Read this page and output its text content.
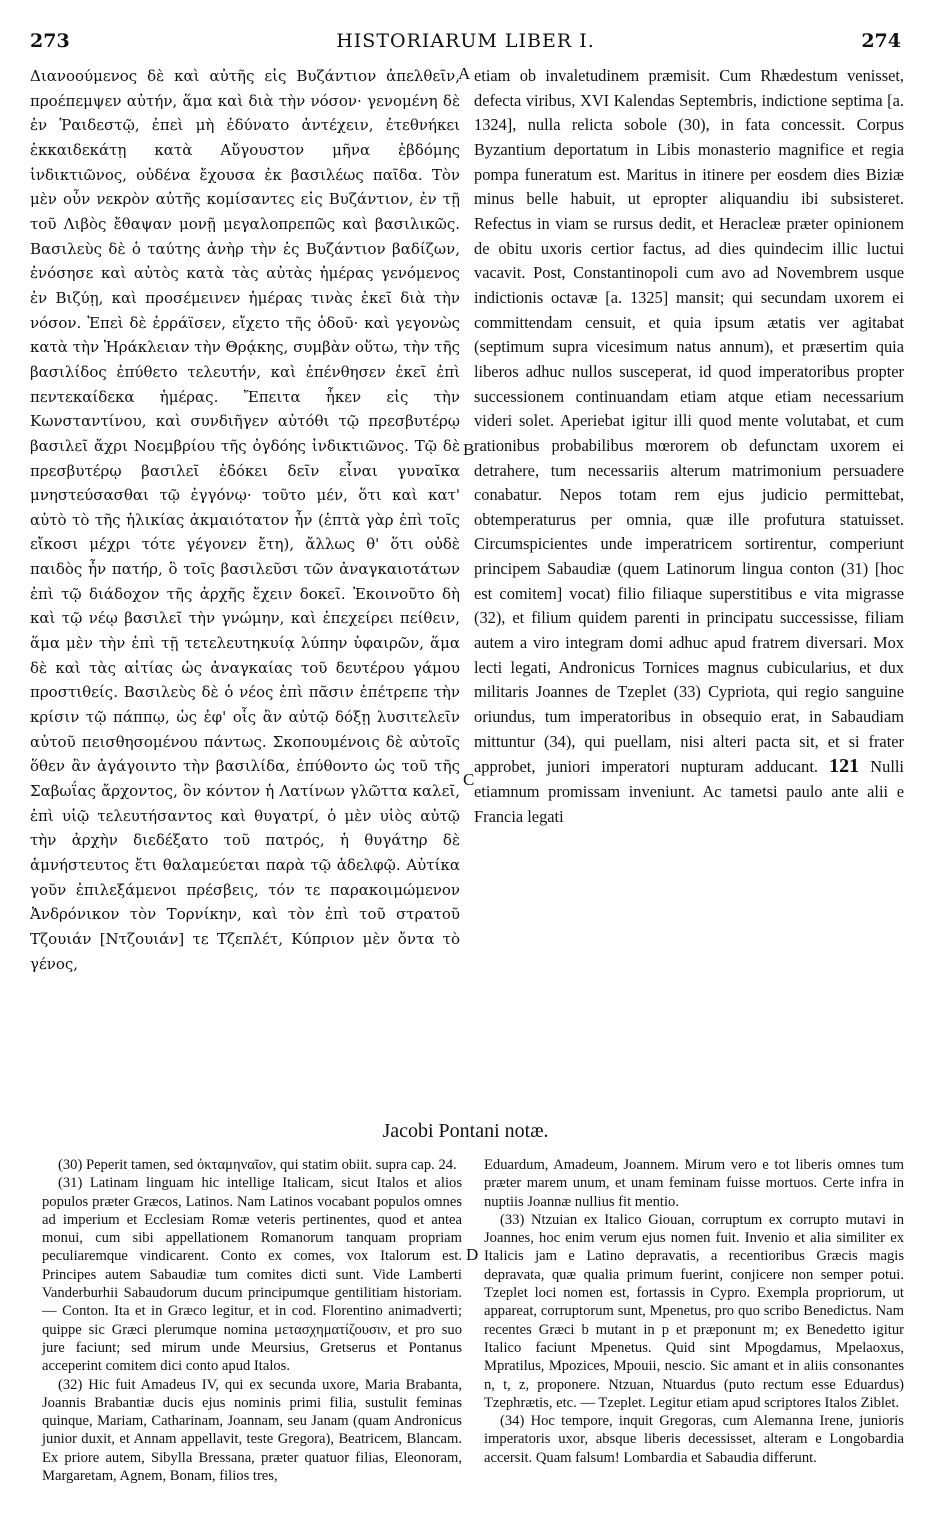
273	HISTORIARUM LIBER I.	274
Διανοούμενος δὲ καὶ αὐτῆς εἰς Βυζάντιον ἀπελθεῖν, προέπεμψεν αὐτήν, ἅμα καὶ διὰ τὴν νόσον· γενομένη δὲ ἐν Ῥαιδεστῷ, ἐπεὶ μὴ ἐδύνατο ἀντέχειν, ἐτεθνήκει ἑκκαιδεκάτῃ κατὰ Αὔγουστον μῆνα ἑβδόμης ἰνδικτιῶνος, οὐδένα ἔχουσα ἐκ βασιλέως παῖδα. Τὸν μὲν οὖν νεκρὸν αὐτῆς κομίσαντες εἰς Βυζάντιον, ἐν τῇ τοῦ Λιβὸς ἔθαψαν μονῇ μεγαλοπρεπῶς καὶ βασιλικῶς. Βασιλεὺς δὲ ὁ ταύτης ἀνὴρ τὴν ἐς Βυζάντιον βαδίζων, ἐνόσησε καὶ αὐτὸς κατὰ τὰς αὐτὰς ἡμέρας γενόμενος ἐν Βιζύῃ, καὶ προσέμεινεν ἡμέρας τινὰς ἐκεῖ διὰ τὴν νόσον. Ἐπεὶ δὲ ἐρράϊσεν, εἴχετο τῆς ὁδοῦ· καὶ γεγονὼς κατὰ τὴν Ἡράκλειαν τὴν Θρᾴκης, συμβὰν οὕτω, τὴν τῆς βασιλίδος ἐπύθετο τελευτήν, καὶ ἐπένθησεν ἐκεῖ ἐπὶ πεντεκαίδεκα ἡμέρας. Ἔπειτα ἧκεν εἰς τὴν Κωνσταντίνου, καὶ συνδιῆγεν αὐτόθι τῷ πρεσβυτέρῳ βασιλεῖ ἄχρι Νοεμβρίου τῆς ὀγδόης ἰνδικτιῶνος. Τῷ δὲ πρεσβυτέρῳ βασιλεῖ ἐδόκει δεῖν εἶναι γυναῖκα μνηστεύσασθαι τῷ ἐγγόνῳ· τοῦτο μέν, ὅτι καὶ κατ' αὐτὸ τὸ τῆς ἡλικίας ἀκμαιότατον ἦν (ἑπτὰ γὰρ ἐπὶ τοῖς εἴκοσι μέχρι τότε γέγονεν ἔτη), ἄλλως θ' ὅτι οὐδὲ παιδὸς ἦν πατήρ, ὃ τοῖς βασιλεῦσι τῶν ἀναγκαιοτάτων ἐπὶ τῷ διάδοχον τῆς ἀρχῆς ἔχειν δοκεῖ. Ἐκοινοῦτο δὴ καὶ τῷ νέῳ βασιλεῖ τὴν γνώμην, καὶ ἐπεχείρει πείθειν, ἅμα μὲν τὴν ἐπὶ τῇ τετελευτηκυίᾳ λύπην ὑφαιρῶν, ἅμα δὲ καὶ τὰς αἰτίας ὡς ἀναγκαίας τοῦ δευτέρου γάμου προστιθείς. Βασιλεὺς δὲ ὁ νέος ἐπὶ πᾶσιν ἐπέτρεπε τὴν κρίσιν τῷ πάππῳ, ὡς ἐφ' οἷς ἂν αὐτῷ δόξῃ λυσιτελεῖν αὐτοῦ πεισθησομένου πάντως. Σκοπουμένοις δὲ αὐτοῖς ὅθεν ἂν ἀγάγοιντο τὴν βασιλίδα, ἐπύθοντο ὡς τοῦ τῆς Σαβωΐας ἄρχοντος, ὃν κόντον ἡ Λατίνων γλῶττα καλεῖ, ἐπὶ υἱῷ τελευτήσαντος καὶ θυγατρί, ὁ μὲν υἱὸς αὐτῷ τὴν ἀρχὴν διεδέξατο τοῦ πατρός, ἡ θυγάτηρ δὲ ἀμνήστευτος ἔτι θαλαμεύεται παρὰ τῷ ἀδελφῷ. Αὐτίκα γοῦν ἐπιλεξάμενοι πρέσβεις, τόν τε παρακοιμώμενον Ἀνδρόνικον τὸν Τορνίκην, καὶ τὸν ἐπὶ τοῦ στρατοῦ Τζουιάν [Ντζουιάν] τε Τζεπλέτ, Κύπριον μὲν ὄντα τὸ γένος,
A
B
C
D
etiam ob invaletudinem præmisit. Cum Rhædestum venisset, defecta viribus, XVI Kalendas Septembris, indictione septima [a. 1324], nulla relicta sobole (30), in fata concessit. Corpus Byzantium deportatum in Libis monasterio magnifice et regia pompa funeratum est. Maritus in itinere per eosdem dies Biziæ minus belle habuit, ut epropter aliquandiu ibi subsisteret. Refectus in viam se rursus dedit, et Heracleæ præter opinionem de obitu uxoris certior factus, ad dies quindecim illic luctui vacavit. Post, Constantinopoli cum avo ad Novembrem usque indictionis octavæ [a. 1325] mansit; qui secundam uxorem ei committendam censuit, et quia ipsum ætatis ver agitabat (septimum supra vicesimum natus annum), et præsertim quia liberos adhuc nullos susceperat, id quod imperatoribus propter successionem continuandam etiam atque etiam necessarium videri solet. Aperiebat igitur illi quod mente volutabat, et cum rationibus probabilibus mœrorem ob defunctam uxorem ei detrahere, tum necessariis alterum matrimonium persuadere conabatur. Nepos totam rem ejus judicio permittebat, obtemperaturus per omnia, quæ ille profutura statuisset. Circumspicientes unde imperatricem sortirentur, comperiunt principem Sabaudiæ (quem Latinorum lingua conton (31) [hoc est comitem] vocat) filio filiaque superstitibus e vita migrasse (32), et filium quidem parenti in principatu successisse, filiam autem a viro integram domi adhuc apud fratrem diversari. Mox lecti legati, Andronicus Tornices magnus cubicularius, et dux militaris Joannes de Tzeplet (33) Cypriota, qui regio sanguine oriundus, tum imperatoribus in obsequio erat, in Sabaudiam mittuntur (34), qui puellam, nisi alteri pacta sit, et si frater approbet, juniori imperatori nupturam adducant. 121 Nulli etiamnum promissam inveniunt. Ac tametsi paulo ante alii e Francia legati
Jacobi Pontani notæ.

(30) Peperit tamen, sed ὀκταμηναῖον, qui statim obiit. supra cap. 24.

(31) Latinam linguam hic intellige Italicam, sicut Italos et alios populos præter Græcos, Latinos. Nam Latinos vocabant populos omnes ad imperium et Ecclesiam Romæ veteris pertinentes, quod et antea monui, cum sibi appellationem Romanorum tanquam propriam peculiaremque vindicarent. Conto ex comes, vox Italorum est. Principes autem Sabaudiæ tum comites dicti sunt. Vide Lamberti Vanderburhii Sabaudorum ducum principumque gentilitiam historiam. — Conton. Ita et in Græco legitur, et in cod. Florentino animadverti; quippe sic Græci plerumque nomina μετασχηματίζουσιν, et pro suo jure faciunt; sed mirum unde Meursius, Gretserus et Pontanus acceperint comitem dici conto apud Italos.

(32) Hic fuit Amadeus IV, qui ex secunda uxore, Maria Brabanta, Joannis Brabantiæ ducis ejus nominis primi filia, sustulit feminas quinque, Mariam, Catharinam, Joannam, seu Janam (quam Andronicus junior duxit, et Annam appellavit, teste Gregora), Beatricem, Blancam. Ex priore autem, Sibylla Bressana, præter quatuor filias, Eleonoram, Margaretam, Agnem, Bonam, filios tres,

Eduardum, Amadeum, Joannem. Mirum vero e tot liberis omnes tum præter marem unum, et unam feminam fuisse mortuos. Certe infra in nuptiis Joannæ nullius fit mentio.

(33) Ntzuian ex Italico Giouan, corruptum ex corrupto mutavi in Joannes, hoc enim verum ejus nomen fuit. Invenio et alia similiter ex Italicis jam e Latino depravatis, a recentioribus Græcis magis depravata, quæ qualia primum fuerint, conjicere non semper potui. Tzeplet loci nomen est, fortassis in Cypro. Exempla propriorum, ut appareat, corruptorum sunt, Mpenetus, pro quo scribo Benedictus. Nam recentes Græci b mutant in p et præponunt m; ex Benedetto igitur Italico faciunt Mpenetus. Quid sint Mpogdamus, Mpelaoxus, Mpratilus, Mpozices, Mpouii, nescio. Sic amant et in aliis consonantes n, t, z, proponere. Ntzuan, Ntuardus (puto rectum esse Eduardus) Tzephrætis, etc. — Tzeplet. Legitur etiam apud scriptores Italos Ziblet.

(34) Hoc tempore, inquit Gregoras, cum Alemanna Irene, junioris imperatoris uxor, absque liberis decessisset, alteram e Longobardia accersit. Quam falsum! Lombardia et Sabaudia differunt.
